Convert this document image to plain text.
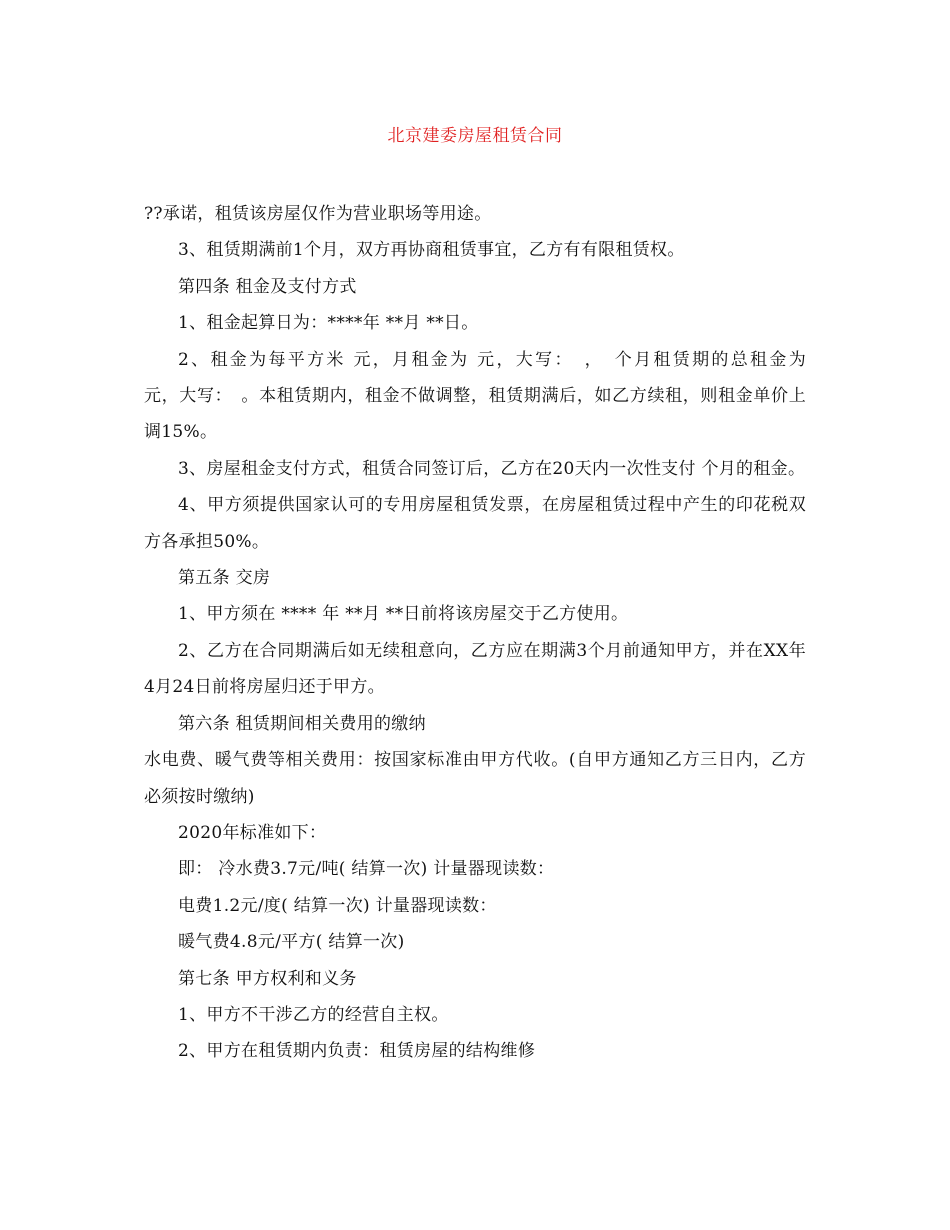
北京建委房屋租赁合同

??承诺，租赁该房屋仅作为营业职场等用途。

3、租赁期满前1个月，双方再协商租赁事宜，乙方有有限租赁权。

第四条 租金及支付方式

1、租金起算日为：****年 **月 **日。

2、租金为每平方米 元，月租金为 元，大写：　，　个月租赁期的总租金为　　元，大写：　。本租赁期内，租金不做调整，租赁期满后，如乙方续租，则租金单价上调15%。

3、房屋租金支付方式，租赁合同签订后，乙方在20天内一次性支付 个月的租金。

4、甲方须提供国家认可的专用房屋租赁发票，在房屋租赁过程中产生的印花税双方各承担50%。

第五条 交房

1、甲方须在 **** 年 **月 **日前将该房屋交于乙方使用。

2、乙方在合同期满后如无续租意向，乙方应在期满3个月前通知甲方，并在XX年4月24日前将房屋归还于甲方。

第六条 租赁期间相关费用的缴纳

水电费、暖气费等相关费用：按国家标准由甲方代收。(自甲方通知乙方三日内，乙方必须按时缴纳)

2020年标准如下：

即： 冷水费3.7元/吨( 结算一次) 计量器现读数：

电费1.2元/度( 结算一次) 计量器现读数：

暖气费4.8元/平方( 结算一次)

第七条 甲方权利和义务

1、甲方不干涉乙方的经营自主权。

2、甲方在租赁期内负责：租赁房屋的结构维修
